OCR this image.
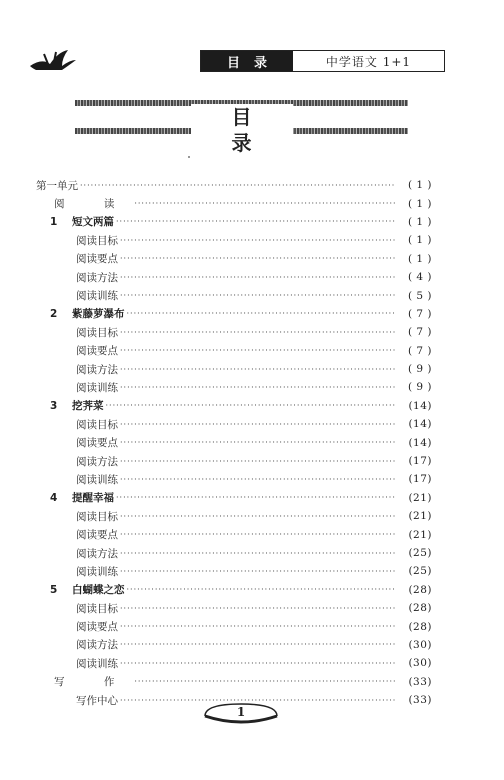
目录	中学语文 1+1
目 录
第一单元 ·····	( 1 )
阅 读 ·····	( 1 )
1 短文两篇 ·····	( 1 )
阅读目标 ·····	( 1 )
阅读要点 ·····	( 1 )
阅读方法 ·····	( 4 )
阅读训练 ·····	( 5 )
2 紫藤萝瀑布 ·····	( 7 )
阅读目标 ·····	( 7 )
阅读要点 ·····	( 7 )
阅读方法 ·····	( 9 )
阅读训练 ·····	( 9 )
3 挖荠菜 ·····	(14)
阅读目标 ·····	(14)
阅读要点 ·····	(14)
阅读方法 ·····	(17)
阅读训练 ·····	(17)
4 提醒幸福 ·····	(21)
阅读目标 ·····	(21)
阅读要点 ·····	(21)
阅读方法 ·····	(25)
阅读训练 ·····	(25)
5 白蝴蝶之恋 ·····	(28)
阅读目标 ·····	(28)
阅读要点 ·····	(28)
阅读方法 ·····	(30)
阅读训练 ·····	(30)
写 作 ·····	(33)
写作中心 ·····	(33)
1
